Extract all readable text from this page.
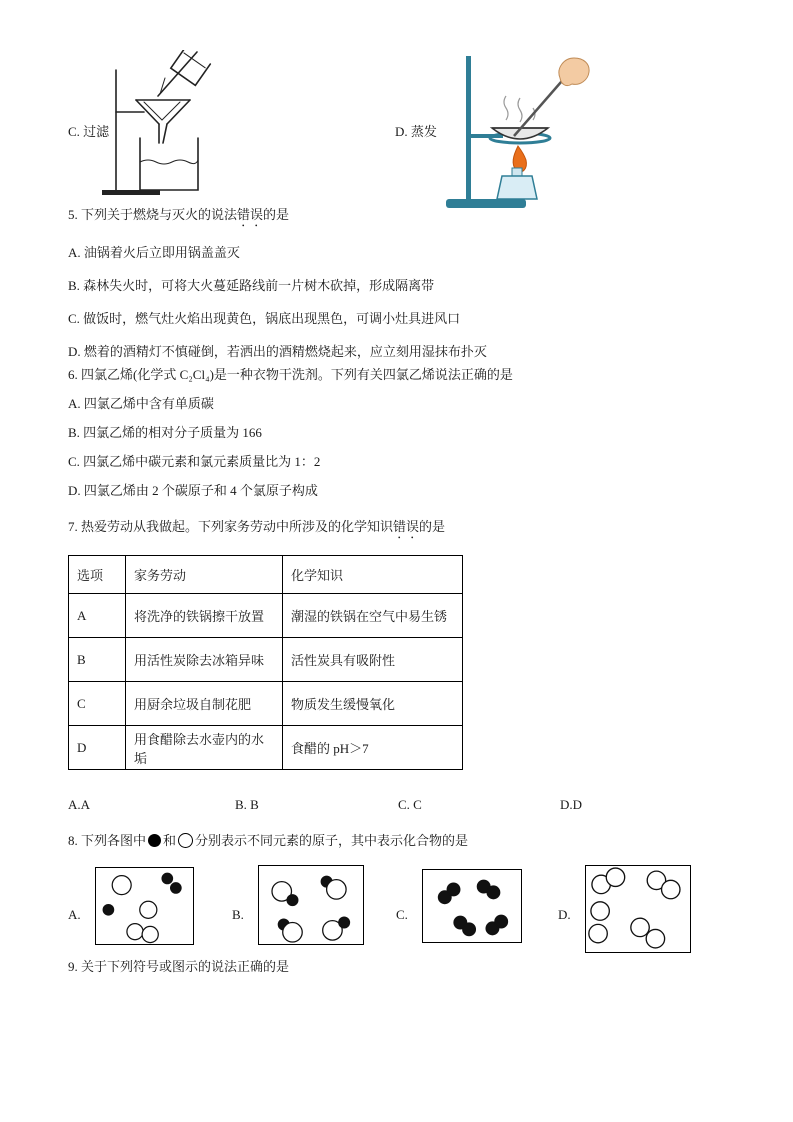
C. 过滤	D. 蒸发

5. 下列关于燃烧与灭火的说法错误的是

A. 油锅着火后立即用锅盖盖灭

B. 森林失火时，可将大火蔓延路线前一片树木砍掉，形成隔离带

C. 做饭时，燃气灶火焰出现黄色，锅底出现黑色，可调小灶具进风口

D. 燃着的酒精灯不慎碰倒，若洒出的酒精燃烧起来，应立刻用湿抹布扑灭

6. 四氯乙烯(化学式 C₂Cl₄)是一种衣物干洗剂。下列有关四氯乙烯说法正确的是

A. 四氯乙烯中含有单质碳

B. 四氯乙烯的相对分子质量为 166

C. 四氯乙烯中碳元素和氯元素质量比为 1：2

D. 四氯乙烯由 2 个碳原子和 4 个氯原子构成

7. 热爱劳动从我做起。下列家务劳动中所涉及的化学知识错误的是

选项	家务劳动	化学知识
A	将洗净的铁锅擦干放置	潮湿的铁锅在空气中易生锈
B	用活性炭除去冰箱异味	活性炭具有吸附性
C	用厨余垃圾自制花肥	物质发生缓慢氧化
D	用食醋除去水壶内的水垢	食醋的 pH＞7
A.A	B. B	C. C	D.D
8. 下列各图中 和 分别表示不同元素的原子，其中表示化合物的是
A.	B.	C.	D.

9. 关于下列符号或图示的说法正确的是
